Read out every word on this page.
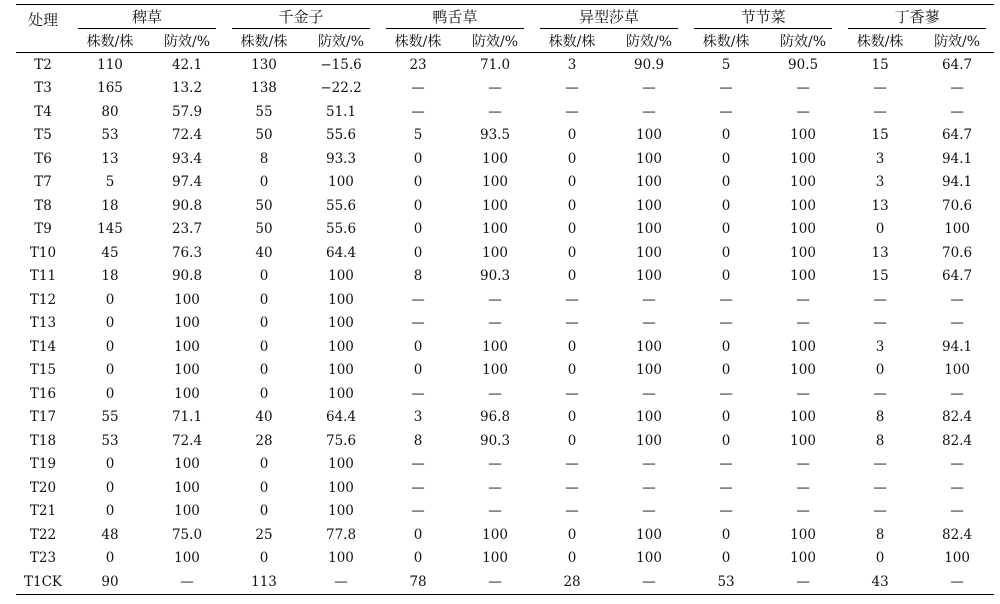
处理	稗草		千金子		鸭舌草		异型莎草		节节菜		丁香蓼	

	株数/株	防效/%	株数/株	防效/%	株数/株	防效/%	株数/株	防效/%	株数/株	防效/%	株数/株	防效/%
T2	110	42.1	130	−15.6	23	71.0	3	90.9	5	90.5	15	64.7
T3	165	13.2	138	−22.2	—	—	—	—	—	—	—	—
T4	80	57.9	55	51.1	—	—	—	—	—	—	—	—
T5	53	72.4	50	55.6	5	93.5	0	100	0	100	15	64.7
T6	13	93.4	8	93.3	0	100	0	100	0	100	3	94.1
T7	5	97.4	0	100	0	100	0	100	0	100	3	94.1
T8	18	90.8	50	55.6	0	100	0	100	0	100	13	70.6
T9	145	23.7	50	55.6	0	100	0	100	0	100	0	100
T10	45	76.3	40	64.4	0	100	0	100	0	100	13	70.6
T11	18	90.8	0	100	8	90.3	0	100	0	100	15	64.7
T12	0	100	0	100	—	—	—	—	—	—	—	—
T13	0	100	0	100	—	—	—	—	—	—	—	—
T14	0	100	0	100	0	100	0	100	0	100	3	94.1
T15	0	100	0	100	0	100	0	100	0	100	0	100
T16	0	100	0	100	—	—	—	—	—	—	—	—
T17	55	71.1	40	64.4	3	96.8	0	100	0	100	8	82.4
T18	53	72.4	28	75.6	8	90.3	0	100	0	100	8	82.4
T19	0	100	0	100	—	—	—	—	—	—	—	—
T20	0	100	0	100	—	—	—	—	—	—	—	—
T21	0	100	0	100	—	—	—	—	—	—	—	—
T22	48	75.0	25	77.8	0	100	0	100	0	100	8	82.4
T23	0	100	0	100	0	100	0	100	0	100	0	100
T1CK	90	—	113	—	78	—	28	—	53	—	43	—
